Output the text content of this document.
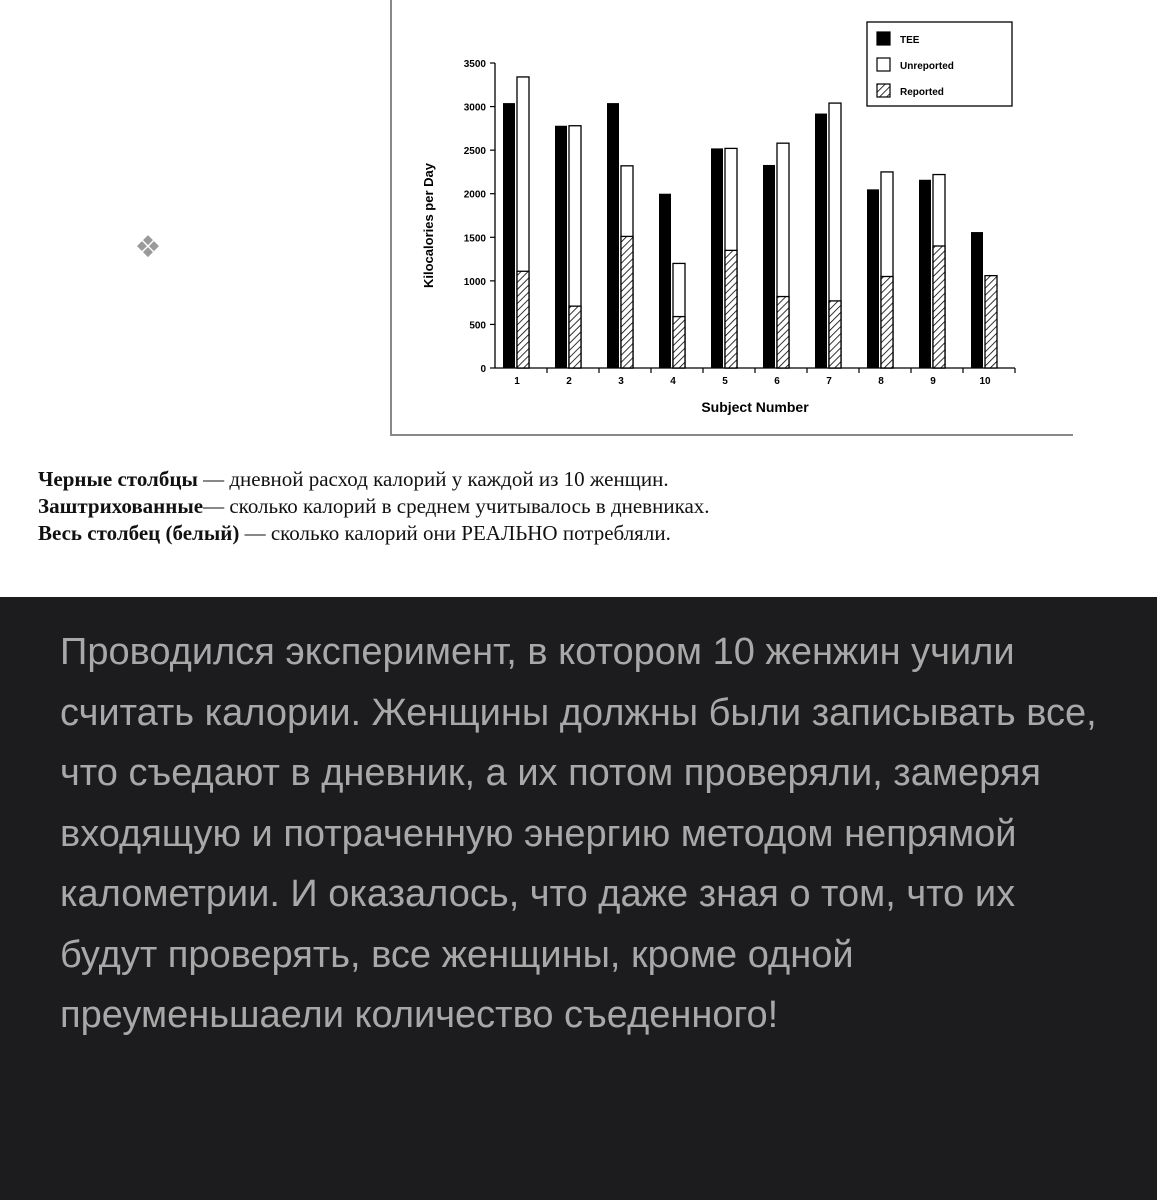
0
500
1000
1500
2000
2500
3000
3500
Kilocalories per Day
1	2	3	4	5	6	7	8	9	10
Subject Number
TEE
Unreported
Reported
❖
Черные столбцы — дневной расход калорий у каждой из 10 женщин.
Заштрихованные— сколько калорий в среднем учитывалось в дневниках.
Весь столбец (белый) — сколько калорий они РЕАЛЬНО потребляли.

Проводился эксперимент, в котором 10 женжин учили считать калории. Женщины должны были записывать все, что съедают в дневник, а их потом проверяли, замеряя входящую и потраченную энергию методом непрямой калометрии. И оказалось, что даже зная о том, что их будут проверять, все женщины, кроме одной преуменьшаели количество съеденного!
